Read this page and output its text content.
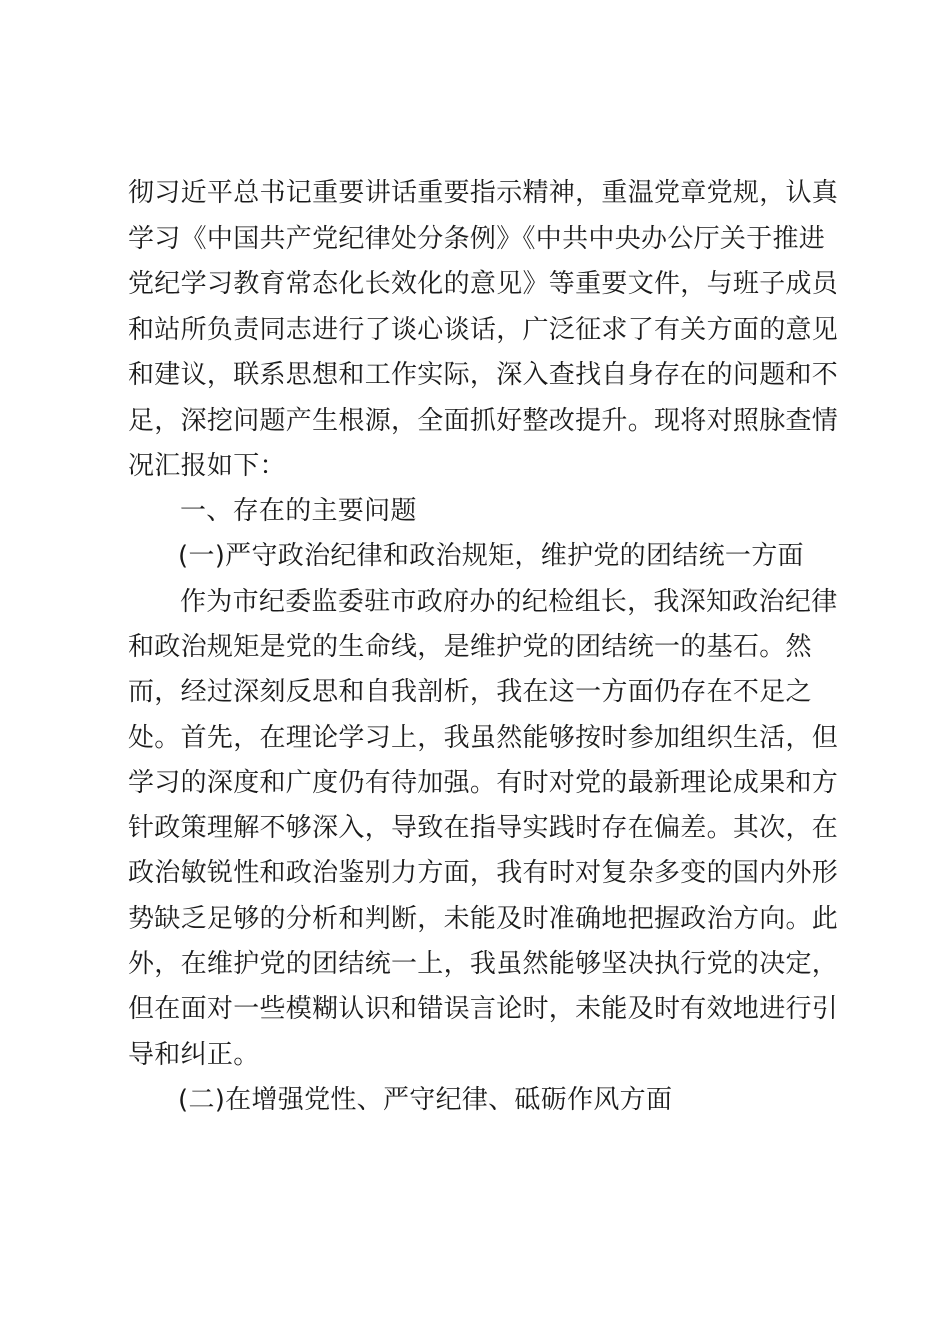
彻习近平总书记重要讲话重要指示精神，重温党章党规，认真
学习《中国共产党纪律处分条例》《中共中央办公厅关于推进
党纪学习教育常态化长效化的意见》等重要文件，与班子成员
和站所负责同志进行了谈心谈话，广泛征求了有关方面的意见
和建议，联系思想和工作实际，深入查找自身存在的问题和不
足，深挖问题产生根源，全面抓好整改提升。现将对照脉查情
况汇报如下：
一、存在的主要问题
(一)严守政治纪律和政治规矩，维护党的团结统一方面
作为市纪委监委驻市政府办的纪检组长，我深知政治纪律
和政治规矩是党的生命线，是维护党的团结统一的基石。然
而，经过深刻反思和自我剖析，我在这一方面仍存在不足之
处。首先，在理论学习上，我虽然能够按时参加组织生活，但
学习的深度和广度仍有待加强。有时对党的最新理论成果和方
针政策理解不够深入，导致在指导实践时存在偏差。其次，在
政治敏锐性和政治鉴别力方面，我有时对复杂多变的国内外形
势缺乏足够的分析和判断，未能及时准确地把握政治方向。此
外，在维护党的团结统一上，我虽然能够坚决执行党的决定，
但在面对一些模糊认识和错误言论时，未能及时有效地进行引
导和纠正。
(二)在增强党性、严守纪律、砥砺作风方面
